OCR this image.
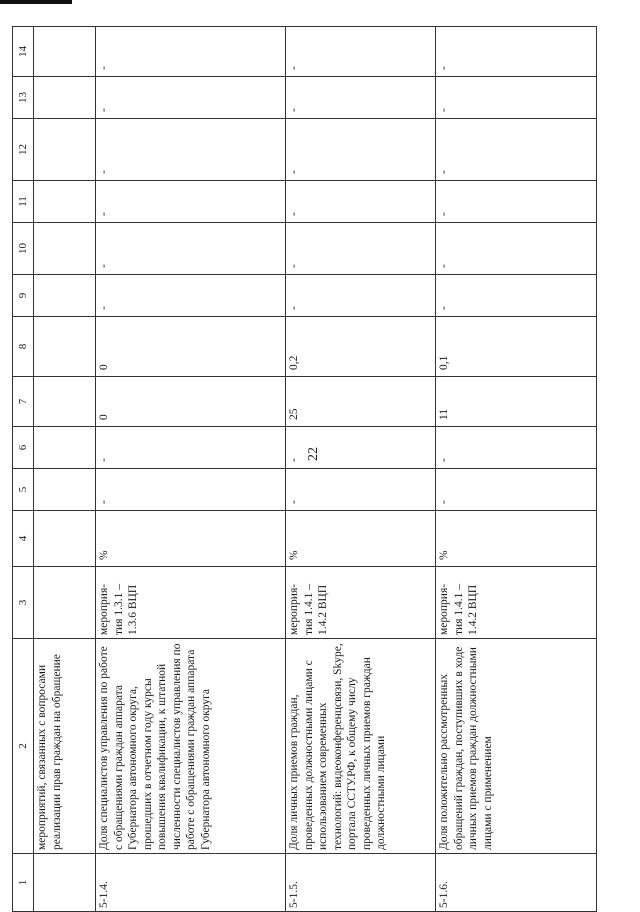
22
1	2	3	4	5	6	7	8	9	10	11	12	13	14
	мероприятий, связанных с вопросами реализации прав граждан на обращение												
5-1.4.	Доля специалистов управления по работе с обращениями граждан аппарата Губернатора автономного округа, прошедших в отчетном году курсы повышения квалификации, к штатной численности специалистов управления по работе с обращениями граждан аппарата Губернатора автономного округа	мероприя-тия 1.3.1 – 1.3.6 ВЦП	%	-	-	0	0	-	-	-	-	-	-
5-1.5.	Доля личных приемов граждан, проведенных должностными лицами с использованием современных технологий: видеоконференцсвязи, Skype, портала ССТУ.РФ, к общему числу проведенных личных приемов граждан должностными лицами	мероприя-тия 1.4.1 – 1.4.2 ВЦП	%	-	-	25	0,2	-	-	-	-	-	-
5-1.6.	Доля положительно рассмотренных обращений граждан, поступивших в ходе личных приемов граждан должностными лицами с применением	мероприя-тия 1.4.1 – 1.4.2 ВЦП	%	-	-	11	0,1	-	-	-	-	-	-
